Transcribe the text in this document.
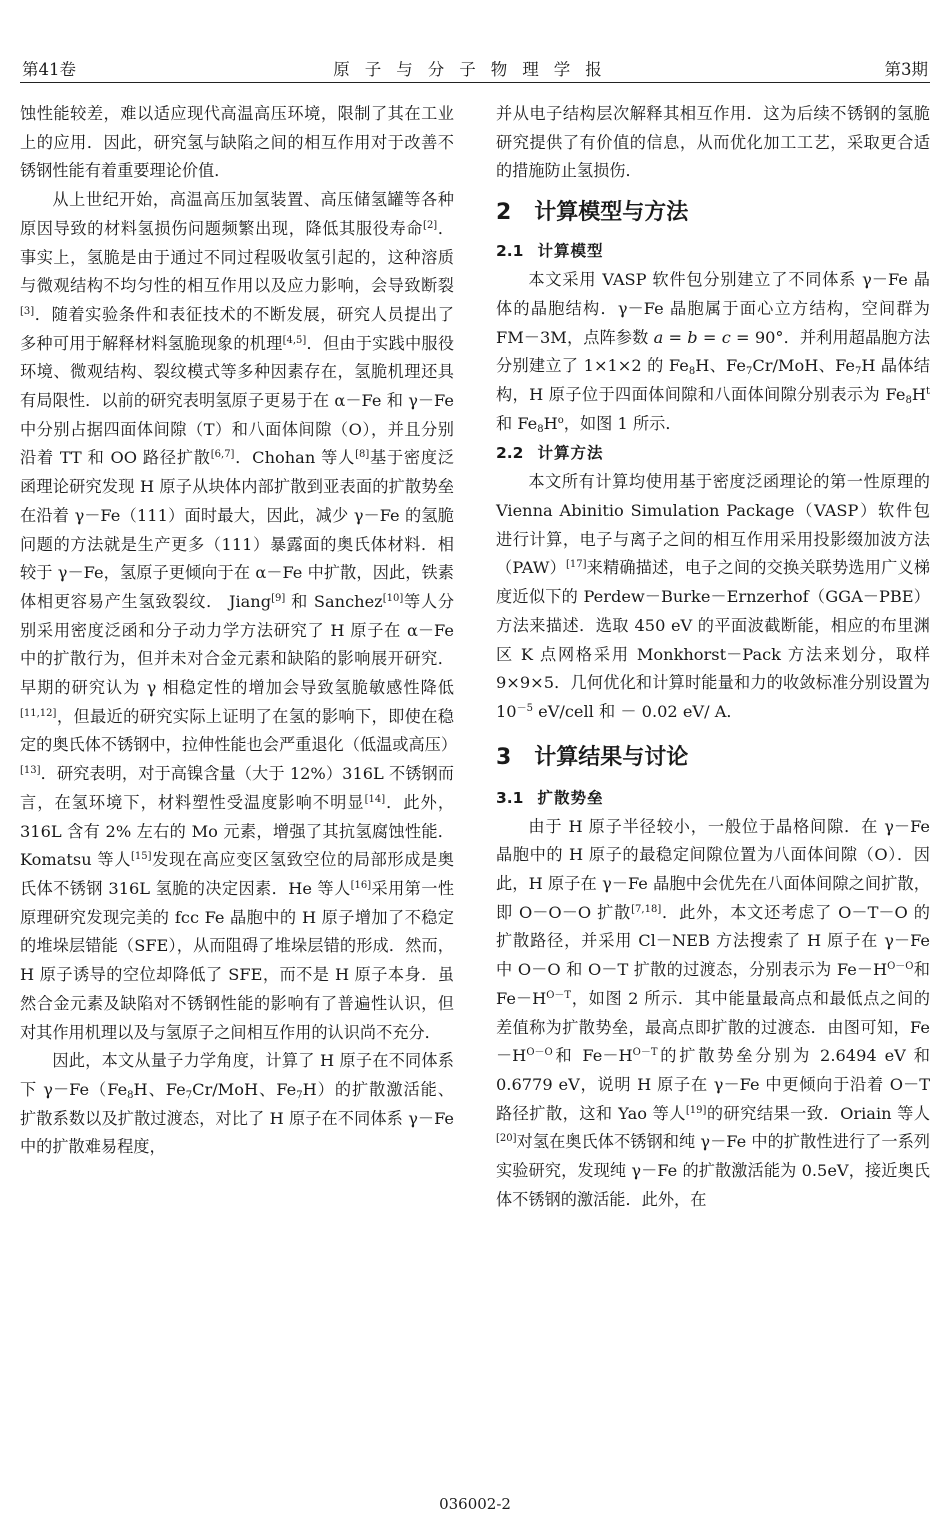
第41卷	原子与分子物理学报	第3期

蚀性能较差，难以适应现代高温高压环境，限制了其在工业上的应用．因此，研究氢与缺陷之间的相互作用对于改善不锈钢性能有着重要理论价值．

从上世纪开始，高温高压加氢装置、高压储氢罐等各种原因导致的材料氢损伤问题频繁出现，降低其服役寿命[2]．事实上，氢脆是由于通过不同过程吸收氢引起的，这种溶质与微观结构不均匀性的相互作用以及应力影响，会导致断裂[3]．随着实验条件和表征技术的不断发展，研究人员提出了多种可用于解释材料氢脆现象的机理[4,5]．但由于实践中服役环境、微观结构、裂纹模式等多种因素存在，氢脆机理还具有局限性．以前的研究表明氢原子更易于在 α－Fe 和 γ－Fe 中分别占据四面体间隙（T）和八面体间隙（O），并且分别沿着 TT 和 OO 路径扩散[6,7]．Chohan 等人[8]基于密度泛函理论研究发现 H 原子从块体内部扩散到亚表面的扩散势垒在沿着 γ－Fe（111）面时最大，因此，减少 γ－Fe 的氢脆问题的方法就是生产更多（111）暴露面的奥氏体材料．相较于 γ－Fe，氢原子更倾向于在 α－Fe 中扩散，因此，铁素体相更容易产生氢致裂纹． Jiang[9] 和 Sanchez[10]等人分别采用密度泛函和分子动力学方法研究了 H 原子在 α－Fe 中的扩散行为，但并未对合金元素和缺陷的影响展开研究．早期的研究认为 γ 相稳定性的增加会导致氢脆敏感性降低[11,12]，但最近的研究实际上证明了在氢的影响下，即使在稳定的奥氏体不锈钢中，拉伸性能也会严重退化（低温或高压）[13]．研究表明，对于高镍含量（大于 12%）316L 不锈钢而言，在氢环境下，材料塑性受温度影响不明显[14]．此外，316L 含有 2% 左右的 Mo 元素，增强了其抗氢腐蚀性能．Komatsu 等人[15]发现在高应变区氢致空位的局部形成是奥氏体不锈钢 316L 氢脆的决定因素．He 等人[16]采用第一性原理研究发现完美的 fcc Fe 晶胞中的 H 原子增加了不稳定的堆垛层错能（SFE），从而阻碍了堆垛层错的形成．然而，H 原子诱导的空位却降低了 SFE，而不是 H 原子本身．虽然合金元素及缺陷对不锈钢性能的影响有了普遍性认识，但对其作用机理以及与氢原子之间相互作用的认识尚不充分．

因此，本文从量子力学角度，计算了 H 原子在不同体系下 $\gamma-Fe(Fe_8H$、$Fe_7Cr$/MoH、$Fe_7H$）的扩散激活能、扩散系数以及扩散过渡态，对比了 H 原子在不同体系 γ－Fe 中的扩散难易程度，

并从电子结构层次解释其相互作用．这为后续不锈钢的氢脆研究提供了有价值的信息，从而优化加工工艺，采取更合适的措施防止氢损伤．

2 计算模型与方法
2.1 计算模型

本文采用 VASP 软件包分别建立了不同体系 γ－Fe 晶体的晶胞结构．γ－Fe 晶胞属于面心立方结构，空间群为 FM－3M，点阵参数 a = b = c = 90°．并利用超晶胞方法分别建立了 1×1×2 的 $Fe_8H$、$Fe_7Cr$/MoH、$Fe_7H$ 晶体结构，H 原子位于四面体间隙和八面体间隙分别表示为 $Fe_8H^t$和 $Fe_8H^o$，如图 1 所示．

2.2 计算方法

本文所有计算均使用基于密度泛函理论的第一性原理的 Vienna Abinitio Simulation Package（VASP）软件包进行计算，电子与离子之间的相互作用采用投影缀加波方法（PAW）[17]来精确描述，电子之间的交换关联势选用广义梯度近似下的 Perdew－Burke－Ernzerhof（GGA－PBE）方法来描述．选取 450 eV 的平面波截断能，相应的布里渊区 K 点网格采用 Monkhorst－Pack 方法来划分，取样 9×9×5．几何优化和计算时能量和力的收敛标准分别设置为 $10^{-5}$ eV/cell 和 － 0.02 eV/ A．

3 计算结果与讨论
3.1 扩散势垒

由于 H 原子半径较小，一般位于晶格间隙．在 γ－Fe 晶胞中的 H 原子的最稳定间隙位置为八面体间隙（O）．因此，H 原子在 γ－Fe 晶胞中会优先在八面体间隙之间扩散，即 O－O－O 扩散[7,18]．此外，本文还考虑了 O－T－O 的扩散路径，并采用 Cl－NEB 方法搜索了 H 原子在 γ－Fe 中 O－O 和 O－T 扩散的过渡态，分别表示为 $Fe-H^{O-O}$和 $Fe-H^{O-T}$，如图 2 所示．其中能量最高点和最低点之间的差值称为扩散势垒，最高点即扩散的过渡态．由图可知，$Fe-H^{O-O}$和 $Fe-H^{O-T}$的扩散势垒分别为 2.6494 eV 和 0.6779 eV，说明 H 原子在 γ－Fe 中更倾向于沿着 O－T 路径扩散，这和 Yao 等人[19]的研究结果一致．Oriain 等人[20]对氢在奥氏体不锈钢和纯 γ－Fe 中的扩散性进行了一系列实验研究，发现纯 γ－Fe 的扩散激活能为 0.5eV，接近奥氏体不锈钢的激活能．此外，在

036002-2
